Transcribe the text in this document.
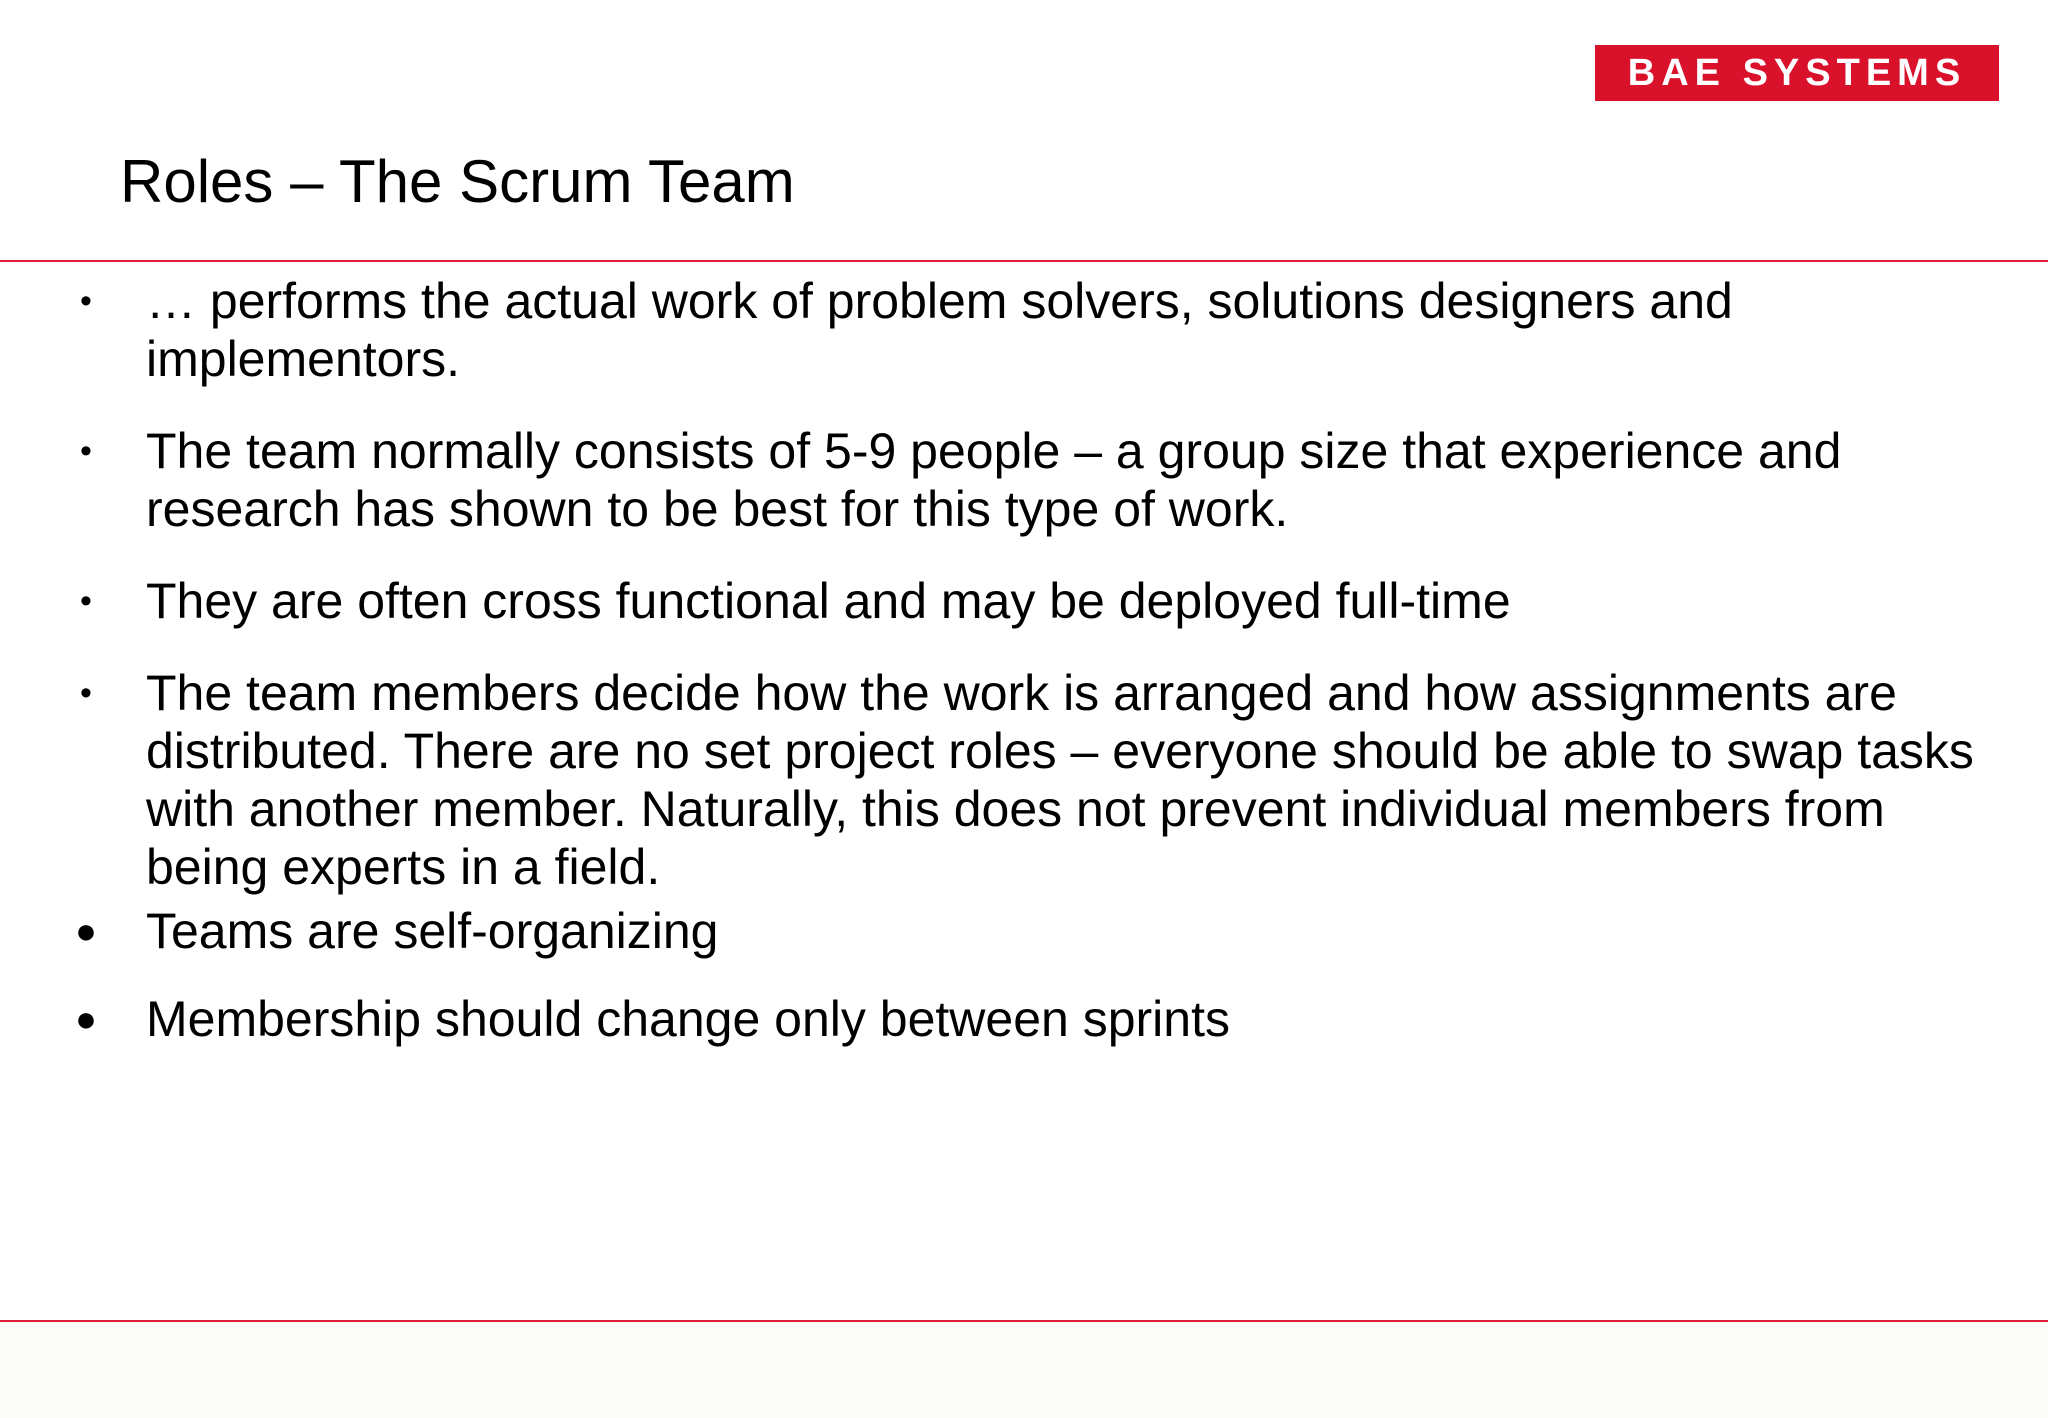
BAE SYSTEMS
Roles – The Scrum Team
• … performs the actual work of problem solvers, solutions designers and implementors.
• The team normally consists of 5-9 people – a group size that experience and research has shown to be best for this type of work.
• They are often cross functional and may be deployed full-time
• The team members decide how the work is arranged and how assignments are distributed. There are no set project roles – everyone should be able to swap tasks with another member. Naturally, this does not prevent individual members from being experts in a field.
● Teams are self-organizing
● Membership should change only between sprints
